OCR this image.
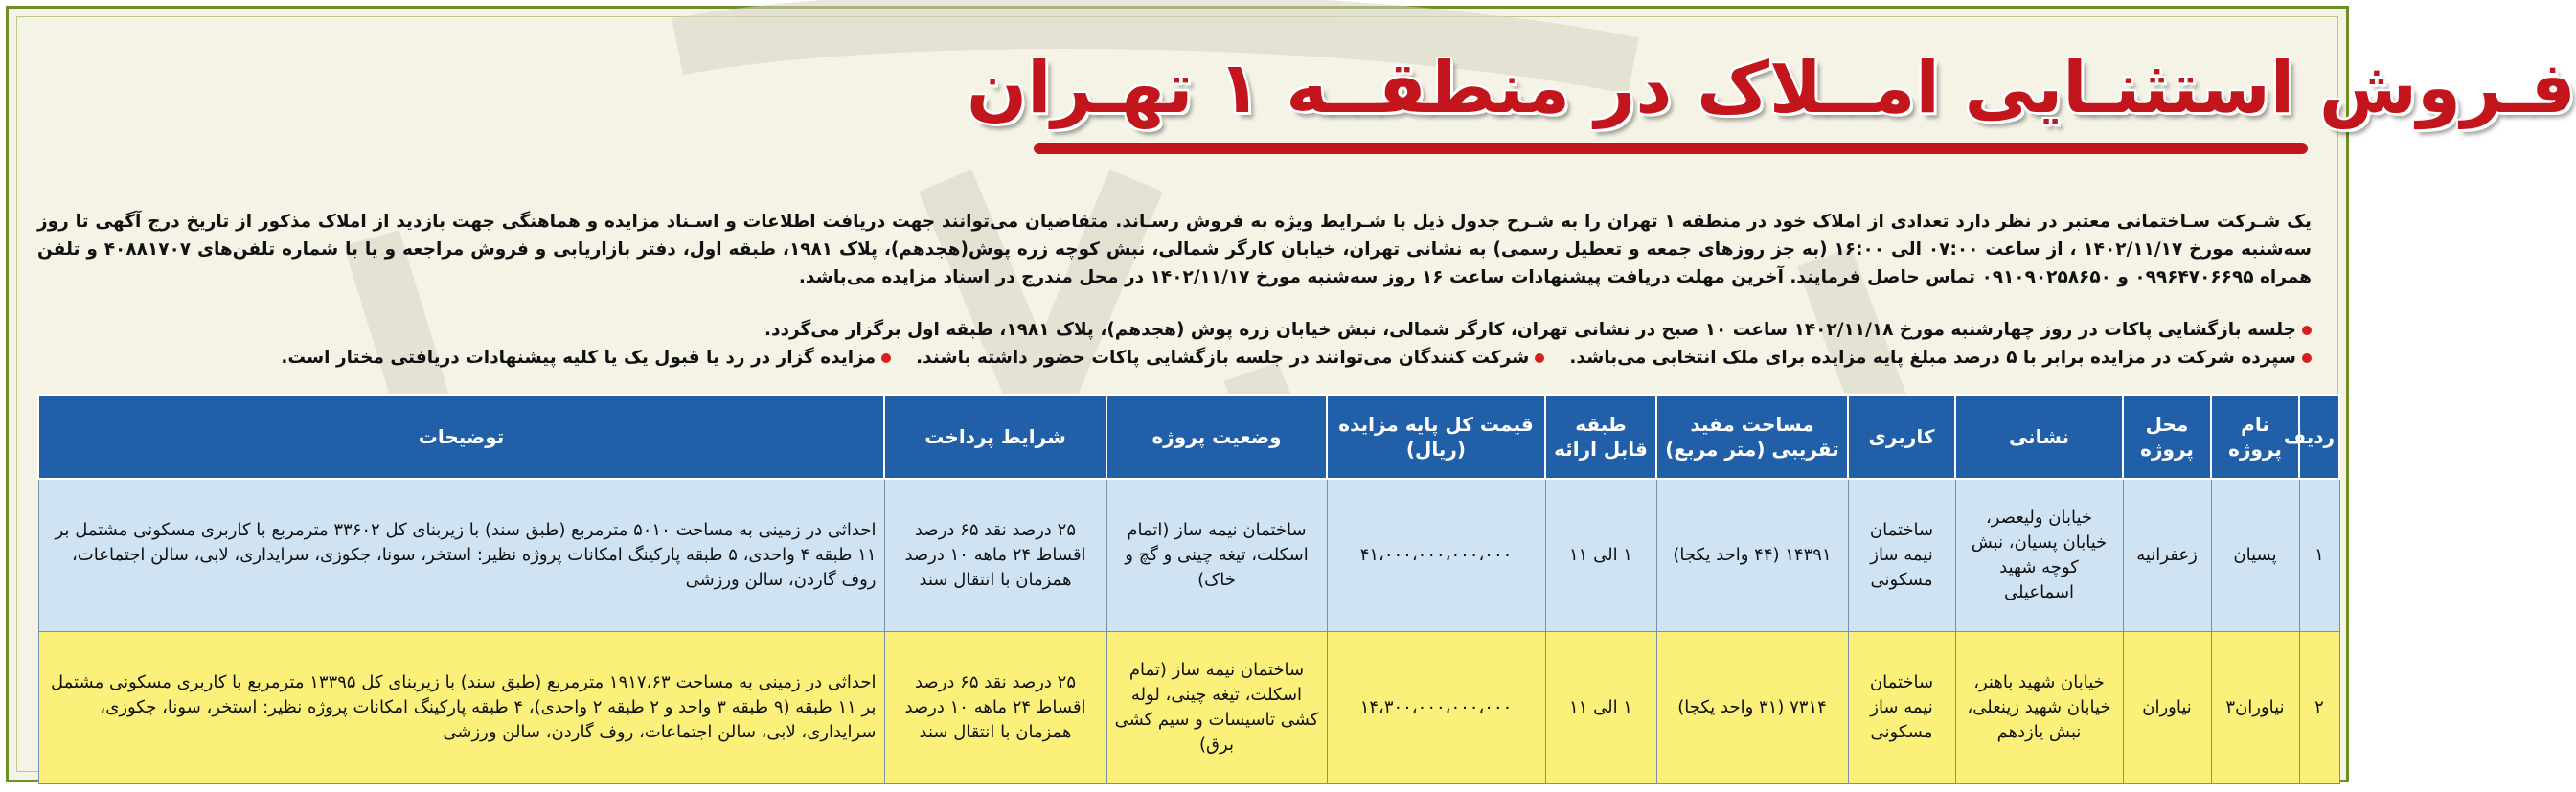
فـروش استثنـایی امــلاک در منطقــه ۱ تهـران

یک شـرکت سـاختمانی معتبر در نظر دارد تعدادی از املاک خود در منطقه ۱ تهران را به شـرح جدول ذیل با شـرایط ویژه به فروش رسـاند. متقاضیان می‌توانند جهت دریافت اطلاعات و اسـناد مزایده و هماهنگی جهت بازدید از املاک مذکور از تاریخ درج آگهی تا روز سه‌شنبه مورخ ۱۴۰۲/۱۱/۱۷ ، از ساعت ۰۷:۰۰ الی ۱۶:۰۰ (به جز روزهای جمعه و تعطیل رسمی) به نشانی تهران، خیابان کارگر شمالی، نبش کوچه زره پوش(هجدهم)، پلاک ۱۹۸۱، طبقه اول، دفتر بازاریابی و فروش مراجعه و یا با شماره تلفن‌های ۴۰۸۸۱۷۰۷ و تلفن همراه ۰۹۹۶۴۷۰۶۶۹۵ و ۰۹۱۰۹۰۲۵۸۶۵۰ تماس حاصل فرمایند. آخرین مهلت دریافت پیشنهادات ساعت ۱۶ روز سه‌شنبه مورخ ۱۴۰۲/۱۱/۱۷ در محل مندرج در اسناد مزایده می‌باشد.

جلسه بازگشایی پاکات در روز چهارشنبه مورخ ۱۴۰۲/۱۱/۱۸ ساعت ۱۰ صبح در نشانی تهران، کارگر شمالی، نبش خیابان زره پوش (هجدهم)، پلاک ۱۹۸۱، طبقه اول برگزار می‌گردد.
سپرده شرکت در مزایده برابر با ۵ درصد مبلغ پایه مزایده برای ملک انتخابی می‌باشد.
شرکت کنندگان می‌توانند در جلسه بازگشایی پاکات حضور داشته باشند.
مزایده گزار در رد یا قبول یک یا کلیه پیشنهادات دریافتی مختار است.
ردیف	نام پروژه	محل پروژه	نشانی	کاربری	مساحت مفید تقریبی (متر مربع)	طبقه قابل ارائه	قیمت کل پایه مزایده (ریال)	وضعیت پروژه	شرایط پرداخت	توضیحات
۱	پسیان	زعفرانیه	خیابان ولیعصر، خیابان پسیان، نبش کوچه شهید اسماعیلی	ساختمان نیمه ساز مسکونی	۱۴۳۹۱ (۴۴ واحد یکجا)	۱ الی ۱۱	۴۱،۰۰۰،۰۰۰،۰۰۰،۰۰۰	ساختمان نیمه ساز (اتمام اسکلت، تیغه چینی و گچ و خاک)	۲۵ درصد نقد ۶۵ درصد اقساط ۲۴ ماهه ۱۰ درصد همزمان با انتقال سند	احداثی در زمینی به مساحت ۵۰۱۰ مترمربع (طبق سند) با زیربنای کل ۳۳۶۰۲ مترمربع با کاربری مسکونی مشتمل بر ۱۱ طبقه ۴ واحدی، ۵ طبقه پارکینگ امکانات پروژه نظیر: استخر، سونا، جکوزی، سرایداری، لابی، سالن اجتماعات، روف گاردن، سالن ورزشی
۲	نیاوران۳	نیاوران	خیابان شهید باهنر، خیابان شهید زینعلی، نبش یازدهم	ساختمان نیمه ساز مسکونی	۷۳۱۴ (۳۱ واحد یکجا)	۱ الی ۱۱	۱۴،۳۰۰،۰۰۰،۰۰۰،۰۰۰	ساختمان نیمه ساز (تمام اسکلت، تیغه چینی، لوله کشی تاسیسات و سیم کشی برق)	۲۵ درصد نقد ۶۵ درصد اقساط ۲۴ ماهه ۱۰ درصد همزمان با انتقال سند	احداثی در زمینی به مساحت ۱۹۱۷،۶۳ مترمربع (طبق سند) با زیربنای کل ۱۳۳۹۵ مترمربع با کاربری مسکونی مشتمل بر ۱۱ طبقه (۹ طبقه ۳ واحد و ۲ طبقه ۲ واحدی)، ۴ طبقه پارکینگ امکانات پروژه نظیر: استخر، سونا، جکوزی، سرایداری، لابی، سالن اجتماعات، روف گاردن، سالن ورزشی
